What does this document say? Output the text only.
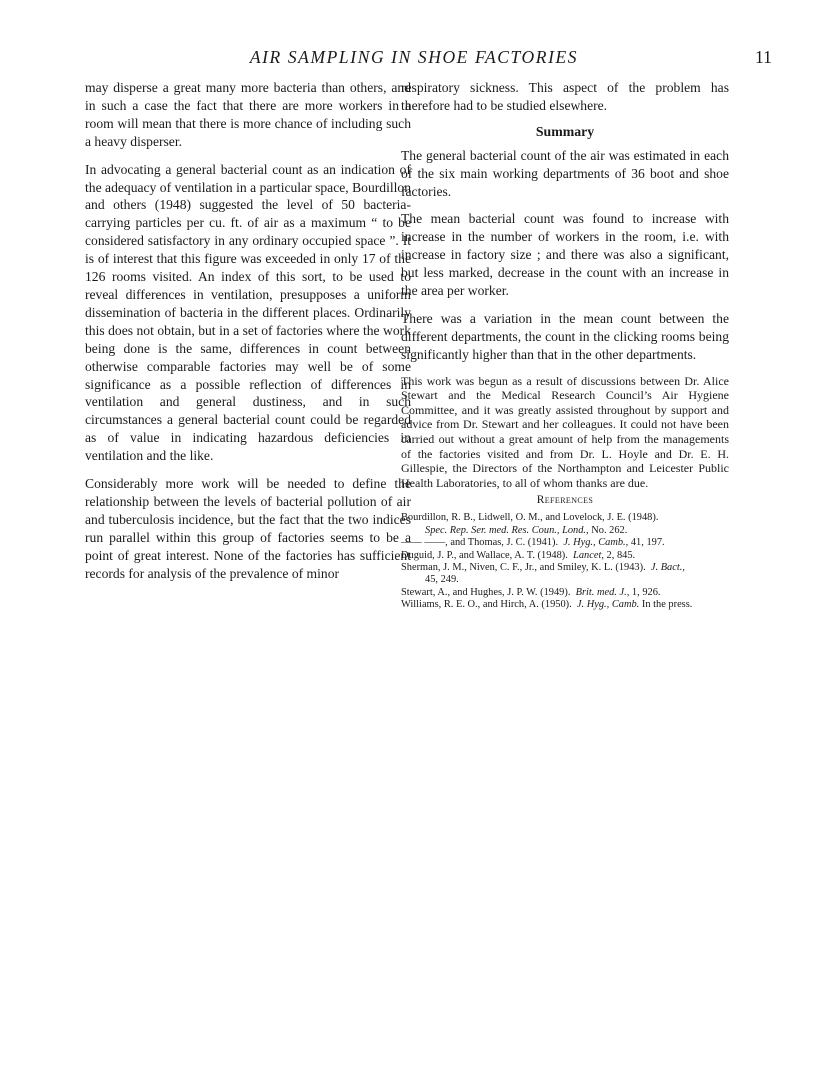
AIR SAMPLING IN SHOE FACTORIES	11

may disperse a great many more bacteria than others, and in such a case the fact that there are more workers in a room will mean that there is more chance of including such a heavy disperser.

In advocating a general bacterial count as an indication of the adequacy of ventilation in a particular space, Bourdillon and others (1948) suggested the level of 50 bacteria-carrying particles per cu. ft. of air as a maximum “ to be considered satisfactory in any ordinary occupied space ”. It is of interest that this figure was exceeded in only 17 of the 126 rooms visited. An index of this sort, to be used to reveal differences in ventilation, presupposes a uniform dissemination of bacteria in the different places. Ordinarily this does not obtain, but in a set of factories where the work being done is the same, differences in count between otherwise comparable factories may well be of some significance as a possible reflection of differences in ventilation and general dustiness, and in such circumstances a general bacterial count could be regarded as of value in indicating hazardous deficiencies in ventilation and the like.

Considerably more work will be needed to define the relationship between the levels of bacterial pollution of air and tuberculosis incidence, but the fact that the two indices run parallel within this group of factories seems to be a point of great interest. None of the factories has sufficient records for analysis of the prevalence of minor

respiratory sickness. This aspect of the problem has therefore had to be studied elsewhere.

Summary

The general bacterial count of the air was estimated in each of the six main working departments of 36 boot and shoe factories.

The mean bacterial count was found to increase with increase in the number of workers in the room, i.e. with increase in factory size ; and there was also a significant, but less marked, decrease in the count with an increase in the area per worker.

There was a variation in the mean count between the different departments, the count in the clicking rooms being significantly higher than that in the other departments.

This work was begun as a result of discussions between Dr. Alice Stewart and the Medical Research Council’s Air Hygiene Committee, and it was greatly assisted throughout by support and advice from Dr. Stewart and her colleagues. It could not have been carried out without a great amount of help from the managements of the factories visited and from Dr. L. Hoyle and Dr. E. H. Gillespie, the Directors of the Northampton and Leicester Public Health Laboratories, to all of whom thanks are due.

References
Bourdillon, R. B., Lidwell, O. M., and Lovelock, J. E. (1948).
Spec. Rep. Ser. med. Res. Coun., Lond., No. 262.
—— ——, and Thomas, J. C. (1941). J. Hyg., Camb., 41, 197.
Duguid, J. P., and Wallace, A. T. (1948). Lancet, 2, 845.
Sherman, J. M., Niven, C. F., Jr., and Smiley, K. L. (1943). J. Bact.,
45, 249.
Stewart, A., and Hughes, J. P. W. (1949). Brit. med. J., 1, 926.
Williams, R. E. O., and Hirch, A. (1950). J. Hyg., Camb. In the press.
